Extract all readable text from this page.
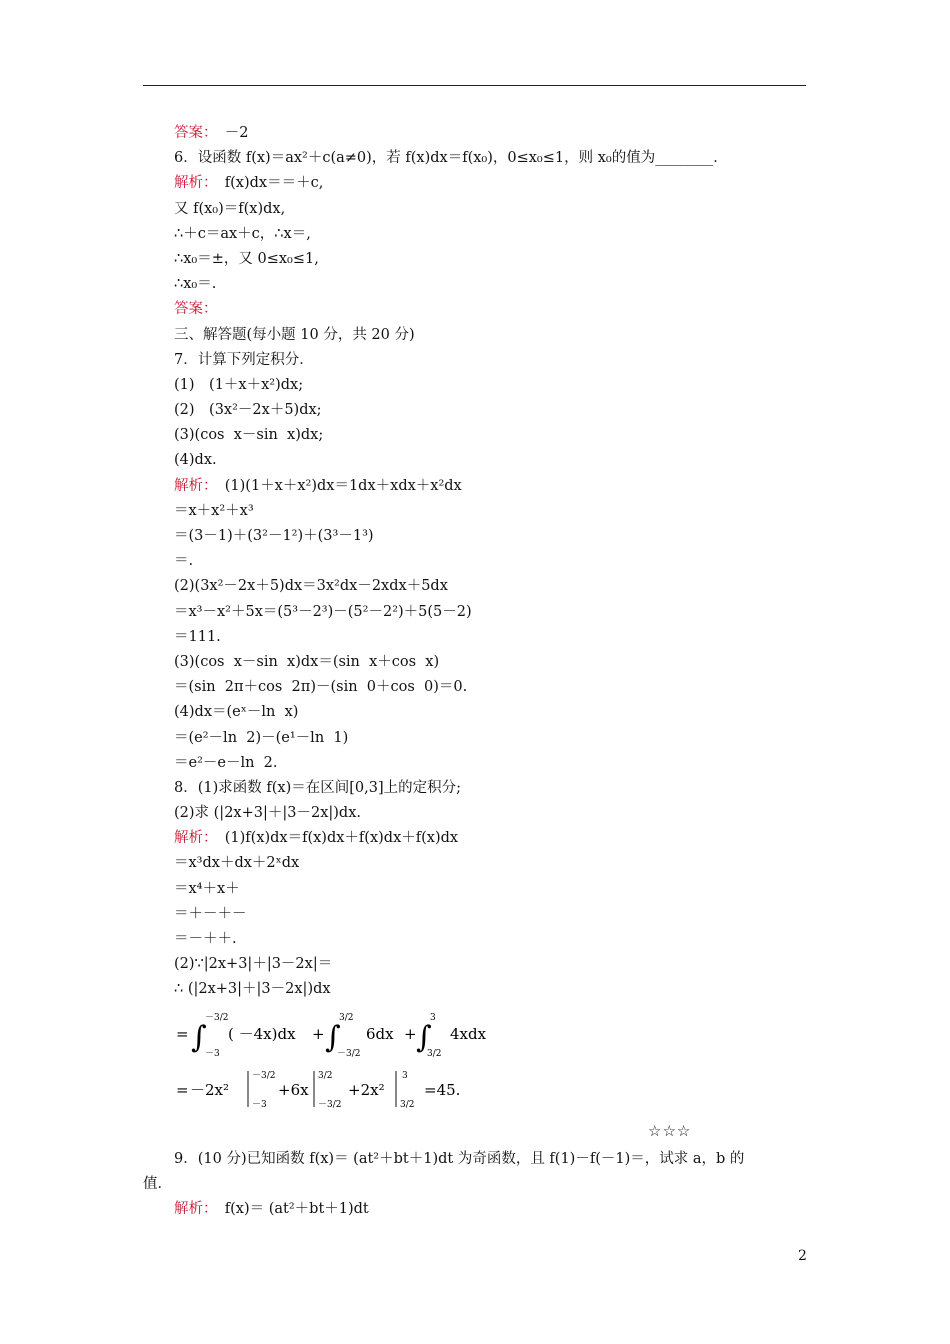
答案：　－2
6．设函数 f(x)＝ax²＋c(a≠0)，若 f(x)dx＝f(x₀)，0≤x₀≤1，则 x₀的值为________．
解析：　f(x)dx＝＝＋c,
又 f(x₀)＝f(x)dx,
∴＋c＝ax＋c，∴x＝,
∴x₀＝±，又 0≤x₀≤1,
∴x₀＝.
答案：
三、解答题(每小题 10 分，共 20 分)
7．计算下列定积分．
(1)　(1＋x＋x²)dx;
(2)　(3x²－2x＋5)dx;
(3)(cos  x－sin  x)dx;
(4)dx.
解析：　(1)(1＋x＋x²)dx＝1dx＋xdx＋x²dx
＝x＋x²＋x³
＝(3－1)＋(3²－1²)＋(3³－1³)
＝.
(2)(3x²－2x＋5)dx＝3x²dx－2xdx＋5dx
＝x³－x²＋5x＝(5³－2³)－(5²－2²)＋5(5－2)
＝111.
(3)(cos  x－sin  x)dx＝(sin  x＋cos  x)
＝(sin  2π＋cos  2π)－(sin  0＋cos  0)＝0.
(4)dx＝(eˣ－ln  x)
＝(e²－ln  2)－(e¹－ln  1)
＝e²－e－ln  2.
8．(1)求函数 f(x)＝在区间[0,3]上的定积分;
(2)求 (|2x+3|＋|3－2x|)dx.
解析：　(1)f(x)dx＝f(x)dx＋f(x)dx＋f(x)dx
＝x³dx＋dx＋2ˣdx
＝x⁴＋x＋
＝＋－＋－
＝－＋＋.
(2)∵|2x+3|＋|3－2x|＝
∴ (|2x+3|＋|3－2x|)dx
= ∫
－3/2
－3
( －4x)dx + ∫
3/2
－3/2
6dx + ∫
3
3/2
4xdx
= －2x²
－3/2
－3
+6x
3/2
－3/2
+2x²
3
3/2
=45.
☆☆☆
9．(10 分)已知函数 f(x)＝ (at²＋bt＋1)dt 为奇函数，且 f(1)－f(－1)＝，试求 a，b 的
值．
解析：　f(x)＝ (at²＋bt＋1)dt
2
